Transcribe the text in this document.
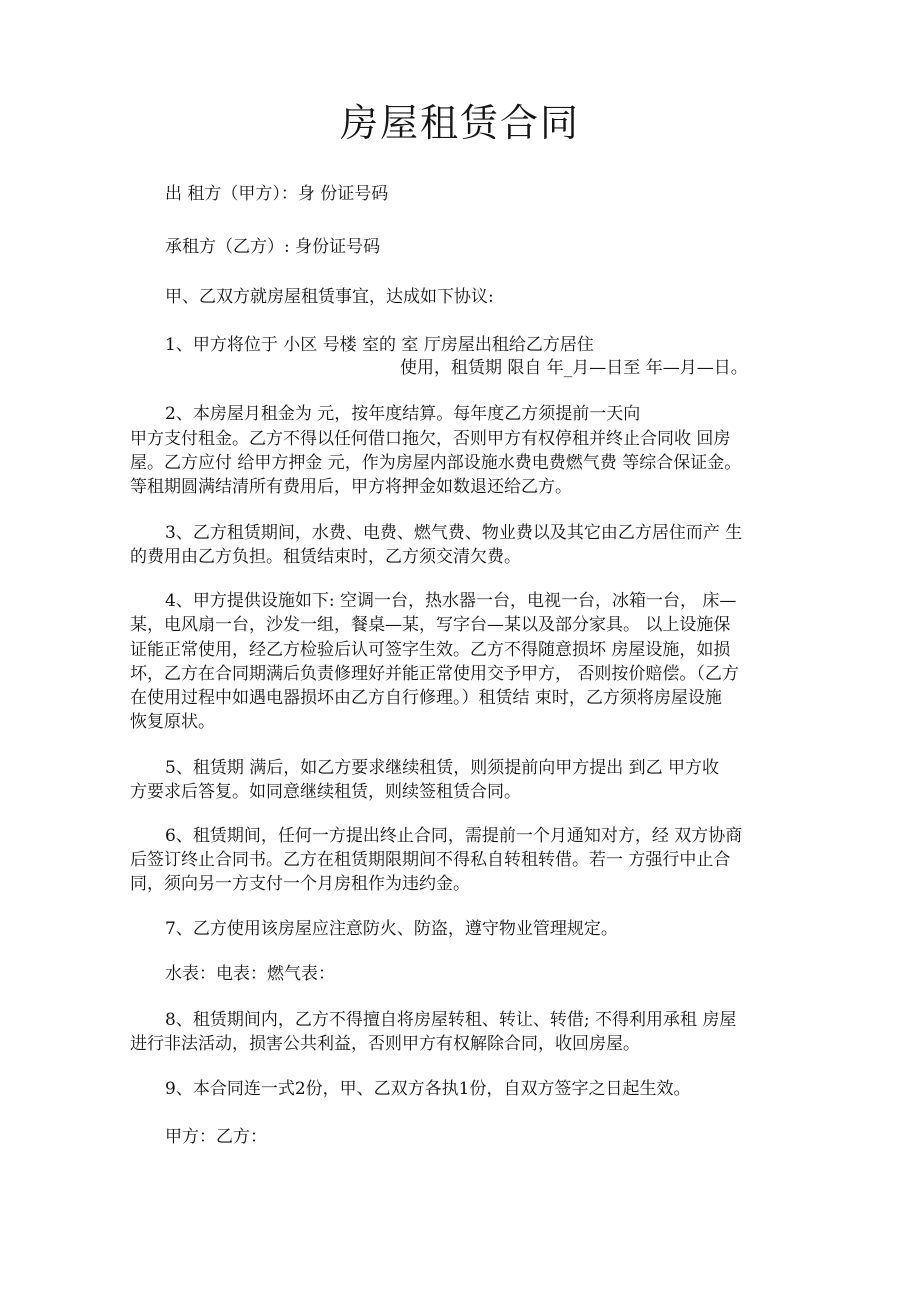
房屋租赁合同
出 租方（甲方）：身 份证号码
承租方（乙方）: 身份证号码
甲、乙双方就房屋租赁事宜，达成如下协议:
1、甲方将位于 小区 号楼 室的 室 厅房屋出租给乙方居住
使用，租赁期 限自 年_月—日至 年—月—日。
2、本房屋月租金为 元，按年度结算。每年度乙方须提前一天向
甲方支付租金。乙方不得以任何借口拖欠，否则甲方有权停租并终止合同收 回房
屋。乙方应付 给甲方押金 元，作为房屋内部设施水费电费燃气费 等综合保证金。
等租期圆满结清所有费用后，甲方将押金如数退还给乙方。
3、乙方租赁期间，水费、电费、燃气费、物业费以及其它由乙方居住而产 生
的费用由乙方负担。租赁结束时，乙方须交清欠费。
4、甲方提供设施如下: 空调一台，热水器一台，电视一台，冰箱一台， 床—
某，电风扇一台，沙发一组，餐桌—某，写字台—某以及部分家具。 以上设施保
证能正常使用，经乙方检验后认可签字生效。乙方不得随意损坏 房屋设施，如损
坏，乙方在合同期满后负责修理好并能正常使用交予甲方， 否则按价赔偿。（乙方
在使用过程中如遇电器损坏由乙方自行修理。）租赁结 束时，乙方须将房屋设施
恢复原状。
5、租赁期 满后，如乙方要求继续租赁，则须提前向甲方提出 到乙 甲方收
方要求后答复。如同意继续租赁，则续签租赁合同。
6、租赁期间，任何一方提出终止合同，需提前一个月通知对方，经 双方协商
后签订终止合同书。乙方在租赁期限期间不得私自转租转借。若一 方强行中止合
同，须向另一方支付一个月房租作为违约金。
7、乙方使用该房屋应注意防火、防盗，遵守物业管理规定。
水表：电表：燃气表：
8、租赁期间内，乙方不得擅自将房屋转租、转让、转借; 不得利用承租 房屋
进行非法活动，损害公共利益，否则甲方有权解除合同，收回房屋。
9、本合同连一式2份，甲、乙双方各执1份，自双方签字之日起生效。
甲方：乙方：
